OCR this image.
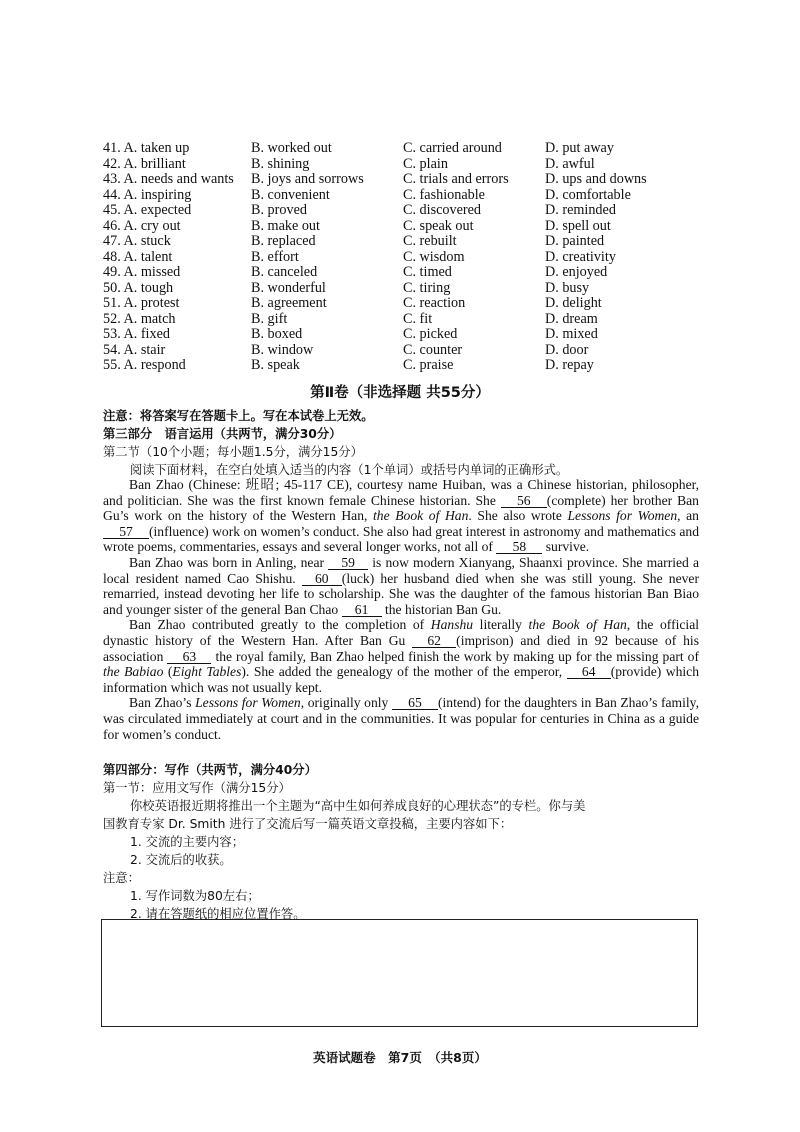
41. A. taken up	B. worked out	C. carried around	D. put away
42. A. brilliant	B. shining	C. plain	D. awful
43. A. needs and wants B. joys and sorrows	C. trials and errors	D. ups and downs
44. A. inspiring	B. convenient	C. fashionable	D. comfortable
45. A. expected	B. proved	C. discovered	D. reminded
46. A. cry out	B. make out	C. speak out	D. spell out
47. A. stuck	B. replaced	C. rebuilt	D. painted
48. A. talent	B. effort	C. wisdom	D. creativity
49. A. missed	B. canceled	C. timed	D. enjoyed
50. A. tough	B. wonderful	C. tiring	D. busy
51. A. protest	B. agreement	C. reaction	D. delight
52. A. match	B. gift	C. fit	D. dream
53. A. fixed	B. boxed	C. picked	D. mixed
54. A. stair	B. window	C. counter	D. door
55. A. respond	B. speak	C. praise	D. repay
第Ⅱ卷（非选择题 共55分）
注意：将答案写在答题卡上。写在本试卷上无效。
第三部分　语言运用（共两节，满分30分）
第二节（10个小题；每小题1.5分，满分15分）
阅读下面材料，在空白处填入适当的内容（1个单词）或括号内单词的正确形式。

Ban Zhao (Chinese: 班昭; 45-117 CE), courtesy name Huiban, was a Chinese historian, philosopher, and politician. She was the first known female Chinese historian. She 56 (complete) her brother Ban Gu’s work on the history of the Western Han, the Book of Han. She also wrote Lessons for Women, an 57 (influence) work on women’s conduct. She also had great interest in astronomy and mathematics and wrote poems, commentaries, essays and several longer works, not all of 58 survive.

Ban Zhao was born in Anling, near 59 is now modern Xianyang, Shaanxi province. She married a local resident named Cao Shishu. 60 (luck) her husband died when she was still young. She never remarried, instead devoting her life to scholarship. She was the daughter of the famous historian Ban Biao and younger sister of the general Ban Chao 61 the historian Ban Gu.

Ban Zhao contributed greatly to the completion of Hanshu literally the Book of Han, the official dynastic history of the Western Han. After Ban Gu 62 (imprison) and died in 92 because of his association 63 the royal family, Ban Zhao helped finish the work by making up for the missing part of the Babiao (Eight Tables). She added the genealogy of the mother of the emperor, 64 (provide) which information which was not usually kept.

Ban Zhao’s Lessons for Women, originally only 65 (intend) for the daughters in Ban Zhao’s family, was circulated immediately at court and in the communities. It was popular for centuries in China as a guide for women’s conduct.

第四部分：写作（共两节，满分40分）
第一节：应用文写作（满分15分）
你校英语报近期将推出一个主题为“高中生如何养成良好的心理状态”的专栏。你与美
国教育专家 Dr. Smith 进行了交流后写一篇英语文章投稿，主要内容如下：
1. 交流的主要内容；
2. 交流后的收获。
注意：
1. 写作词数为80左右；
2. 请在答题纸的相应位置作答。
英语试题卷　第7页　（共8页）
